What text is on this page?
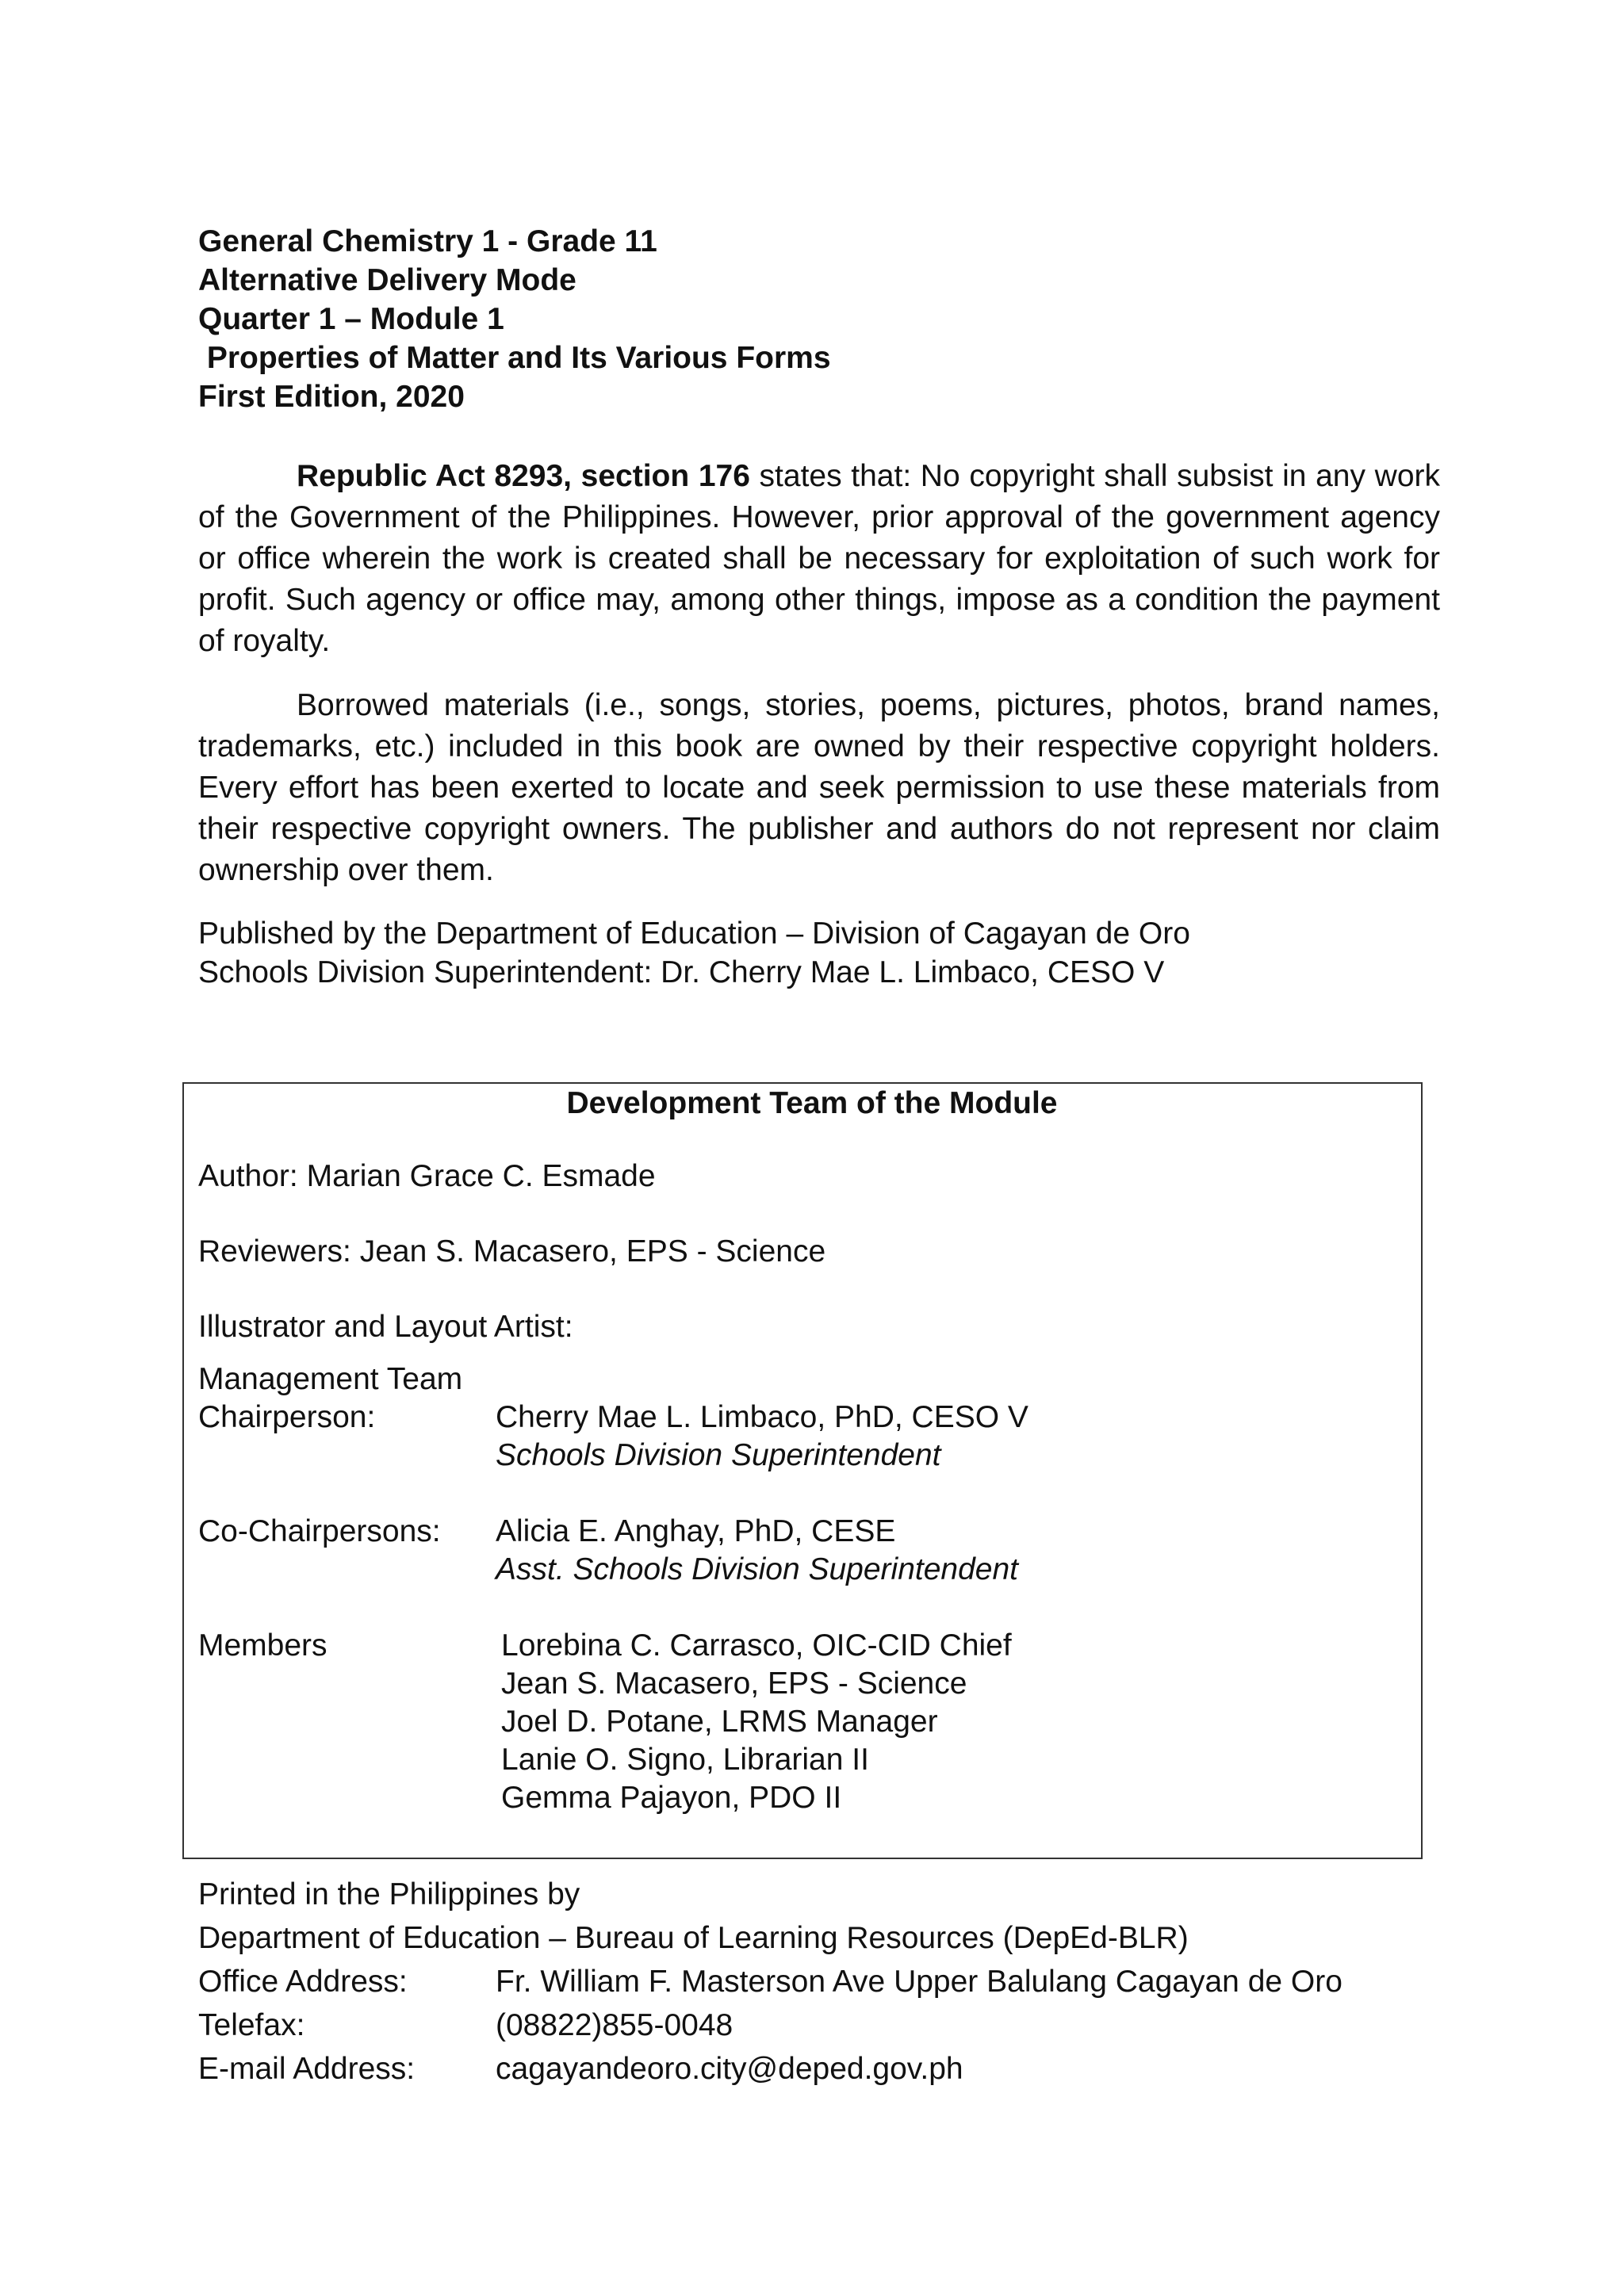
General Chemistry 1 - Grade 11
Alternative Delivery Mode
Quarter 1 – Module 1
Properties of Matter and Its Various Forms
First Edition, 2020
Republic Act 8293, section 176 states that: No copyright shall subsist in any work of the Government of the Philippines. However, prior approval of the government agency or office wherein the work is created shall be necessary for exploitation of such work for profit. Such agency or office may, among other things, impose as a condition the payment of royalty.
Borrowed materials (i.e., songs, stories, poems, pictures, photos, brand names, trademarks, etc.) included in this book are owned by their respective copyright holders. Every effort has been exerted to locate and seek permission to use these materials from their respective copyright owners. The publisher and authors do not represent nor claim ownership over them.
Published by the Department of Education – Division of Cagayan de Oro
Schools Division Superintendent: Dr. Cherry Mae L. Limbaco, CESO V
Development Team of the Module
Author: Marian Grace C. Esmade
Reviewers: Jean S. Macasero, EPS - Science
Illustrator and Layout Artist:
Management Team
Chairperson:	Cherry Mae L. Limbaco, PhD, CESO V
Schools Division Superintendent
Co-Chairpersons: Alicia E. Anghay, PhD, CESE
Asst. Schools Division Superintendent
Members	Lorebina C. Carrasco, OIC-CID Chief
Jean S. Macasero, EPS - Science
Joel D. Potane, LRMS Manager
Lanie O. Signo, Librarian II
Gemma Pajayon, PDO II
Printed in the Philippines by
Department of Education – Bureau of Learning Resources (DepEd-BLR)
Office Address:	Fr. William F. Masterson Ave Upper Balulang Cagayan de Oro
Telefax:	(08822)855-0048
E-mail Address:	cagayandeoro.city@deped.gov.ph
